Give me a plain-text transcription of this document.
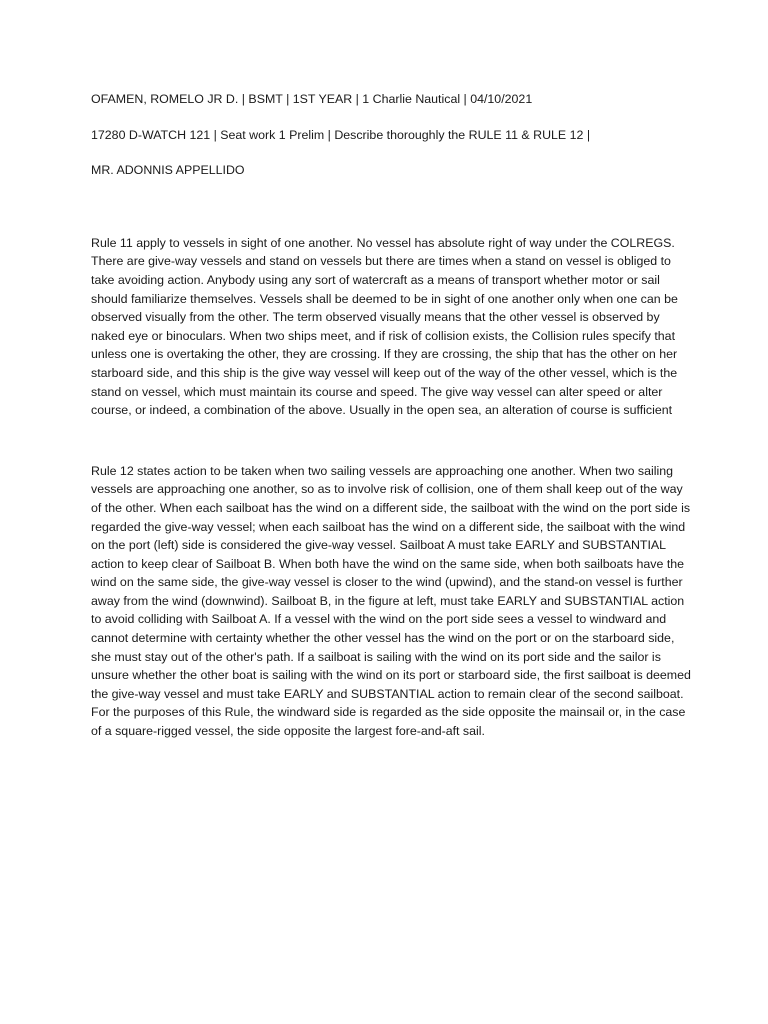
OFAMEN, ROMELO JR D. | BSMT | 1ST YEAR | 1 Charlie Nautical | 04/10/2021
17280 D-WATCH 121 | Seat work 1 Prelim | Describe thoroughly the RULE 11 & RULE 12 |
MR. ADONNIS APPELLIDO

Rule 11 apply to vessels in sight of one another. No vessel has absolute right of way under the COLREGS. There are give-way vessels and stand on vessels but there are times when a stand on vessel is obliged to take avoiding action. Anybody using any sort of watercraft as a means of transport whether motor or sail should familiarize themselves. Vessels shall be deemed to be in sight of one another only when one can be observed visually from the other. The term observed visually means that the other vessel is observed by naked eye or binoculars. When two ships meet, and if risk of collision exists, the Collision rules specify that unless one is overtaking the other, they are crossing. If they are crossing, the ship that has the other on her starboard side, and this ship is the give way vessel will keep out of the way of the other vessel, which is the stand on vessel, which must maintain its course and speed. The give way vessel can alter speed or alter course, or indeed, a combination of the above. Usually in the open sea, an alteration of course is sufficient

Rule 12 states action to be taken when two sailing vessels are approaching one another. When two sailing vessels are approaching one another, so as to involve risk of collision, one of them shall keep out of the way of the other. When each sailboat has the wind on a different side, the sailboat with the wind on the port side is regarded the give-way vessel; when each sailboat has the wind on a different side, the sailboat with the wind on the port (left) side is considered the give-way vessel. Sailboat A must take EARLY and SUBSTANTIAL action to keep clear of Sailboat B. When both have the wind on the same side, when both sailboats have the wind on the same side, the give-way vessel is closer to the wind (upwind), and the stand-on vessel is further away from the wind (downwind). Sailboat B, in the figure at left, must take EARLY and SUBSTANTIAL action to avoid colliding with Sailboat A. If a vessel with the wind on the port side sees a vessel to windward and cannot determine with certainty whether the other vessel has the wind on the port or on the starboard side, she must stay out of the other's path. If a sailboat is sailing with the wind on its port side and the sailor is unsure whether the other boat is sailing with the wind on its port or starboard side, the first sailboat is deemed the give-way vessel and must take EARLY and SUBSTANTIAL action to remain clear of the second sailboat. For the purposes of this Rule, the windward side is regarded as the side opposite the mainsail or, in the case of a square-rigged vessel, the side opposite the largest fore-and-aft sail.
